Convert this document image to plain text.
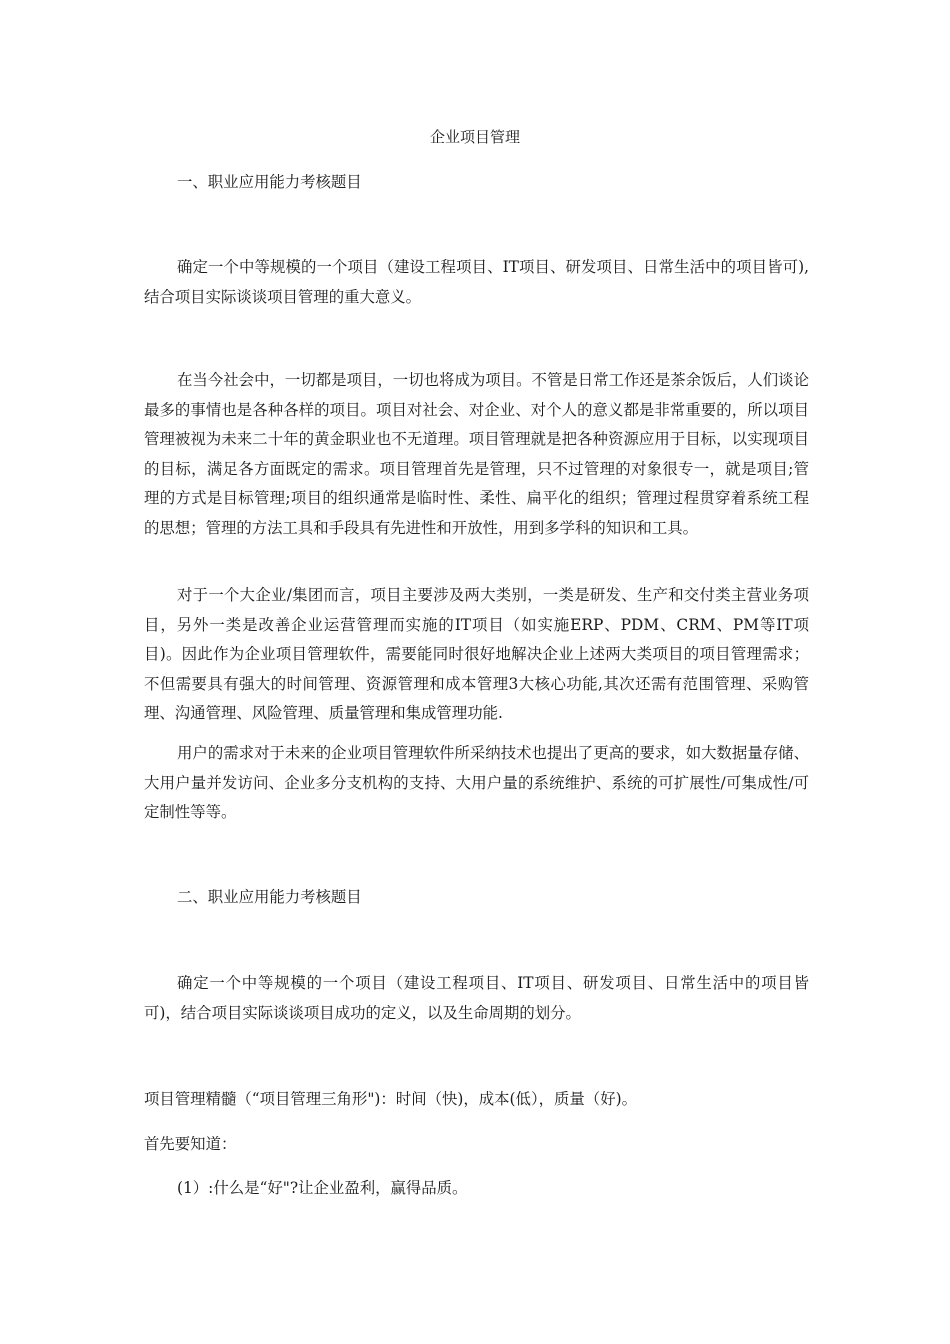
企业项目管理

一、职业应用能力考核题目

确定一个中等规模的一个项目（建设工程项目、IT项目、研发项目、日常生活中的项目皆可),结合项目实际谈谈项目管理的重大意义。

在当今社会中，一切都是项目，一切也将成为项目。不管是日常工作还是茶余饭后，人们谈论最多的事情也是各种各样的项目。项目对社会、对企业、对个人的意义都是非常重要的，所以项目管理被视为未来二十年的黄金职业也不无道理。项目管理就是把各种资源应用于目标，以实现项目的目标，满足各方面既定的需求。项目管理首先是管理，只不过管理的对象很专一，就是项目;管理的方式是目标管理;项目的组织通常是临时性、柔性、扁平化的组织；管理过程贯穿着系统工程的思想；管理的方法工具和手段具有先进性和开放性，用到多学科的知识和工具。

对于一个大企业/集团而言，项目主要涉及两大类别，一类是研发、生产和交付类主营业务项目，另外一类是改善企业运营管理而实施的IT项目（如实施ERP、PDM、CRM、PM等IT项目)。因此作为企业项目管理软件，需要能同时很好地解决企业上述两大类项目的项目管理需求；不但需要具有强大的时间管理、资源管理和成本管理3大核心功能,其次还需有范围管理、采购管理、沟通管理、风险管理、质量管理和集成管理功能.

用户的需求对于未来的企业项目管理软件所采纳技术也提出了更高的要求，如大数据量存储、大用户量并发访问、企业多分支机构的支持、大用户量的系统维护、系统的可扩展性/可集成性/可定制性等等。

二、职业应用能力考核题目

确定一个中等规模的一个项目（建设工程项目、IT项目、研发项目、日常生活中的项目皆可)，结合项目实际谈谈项目成功的定义，以及生命周期的划分。

项目管理精髓（“项目管理三角形")：时间（快)，成本(低），质量（好)。

首先要知道：

(1）:什么是“好"?让企业盈利，赢得品质。
